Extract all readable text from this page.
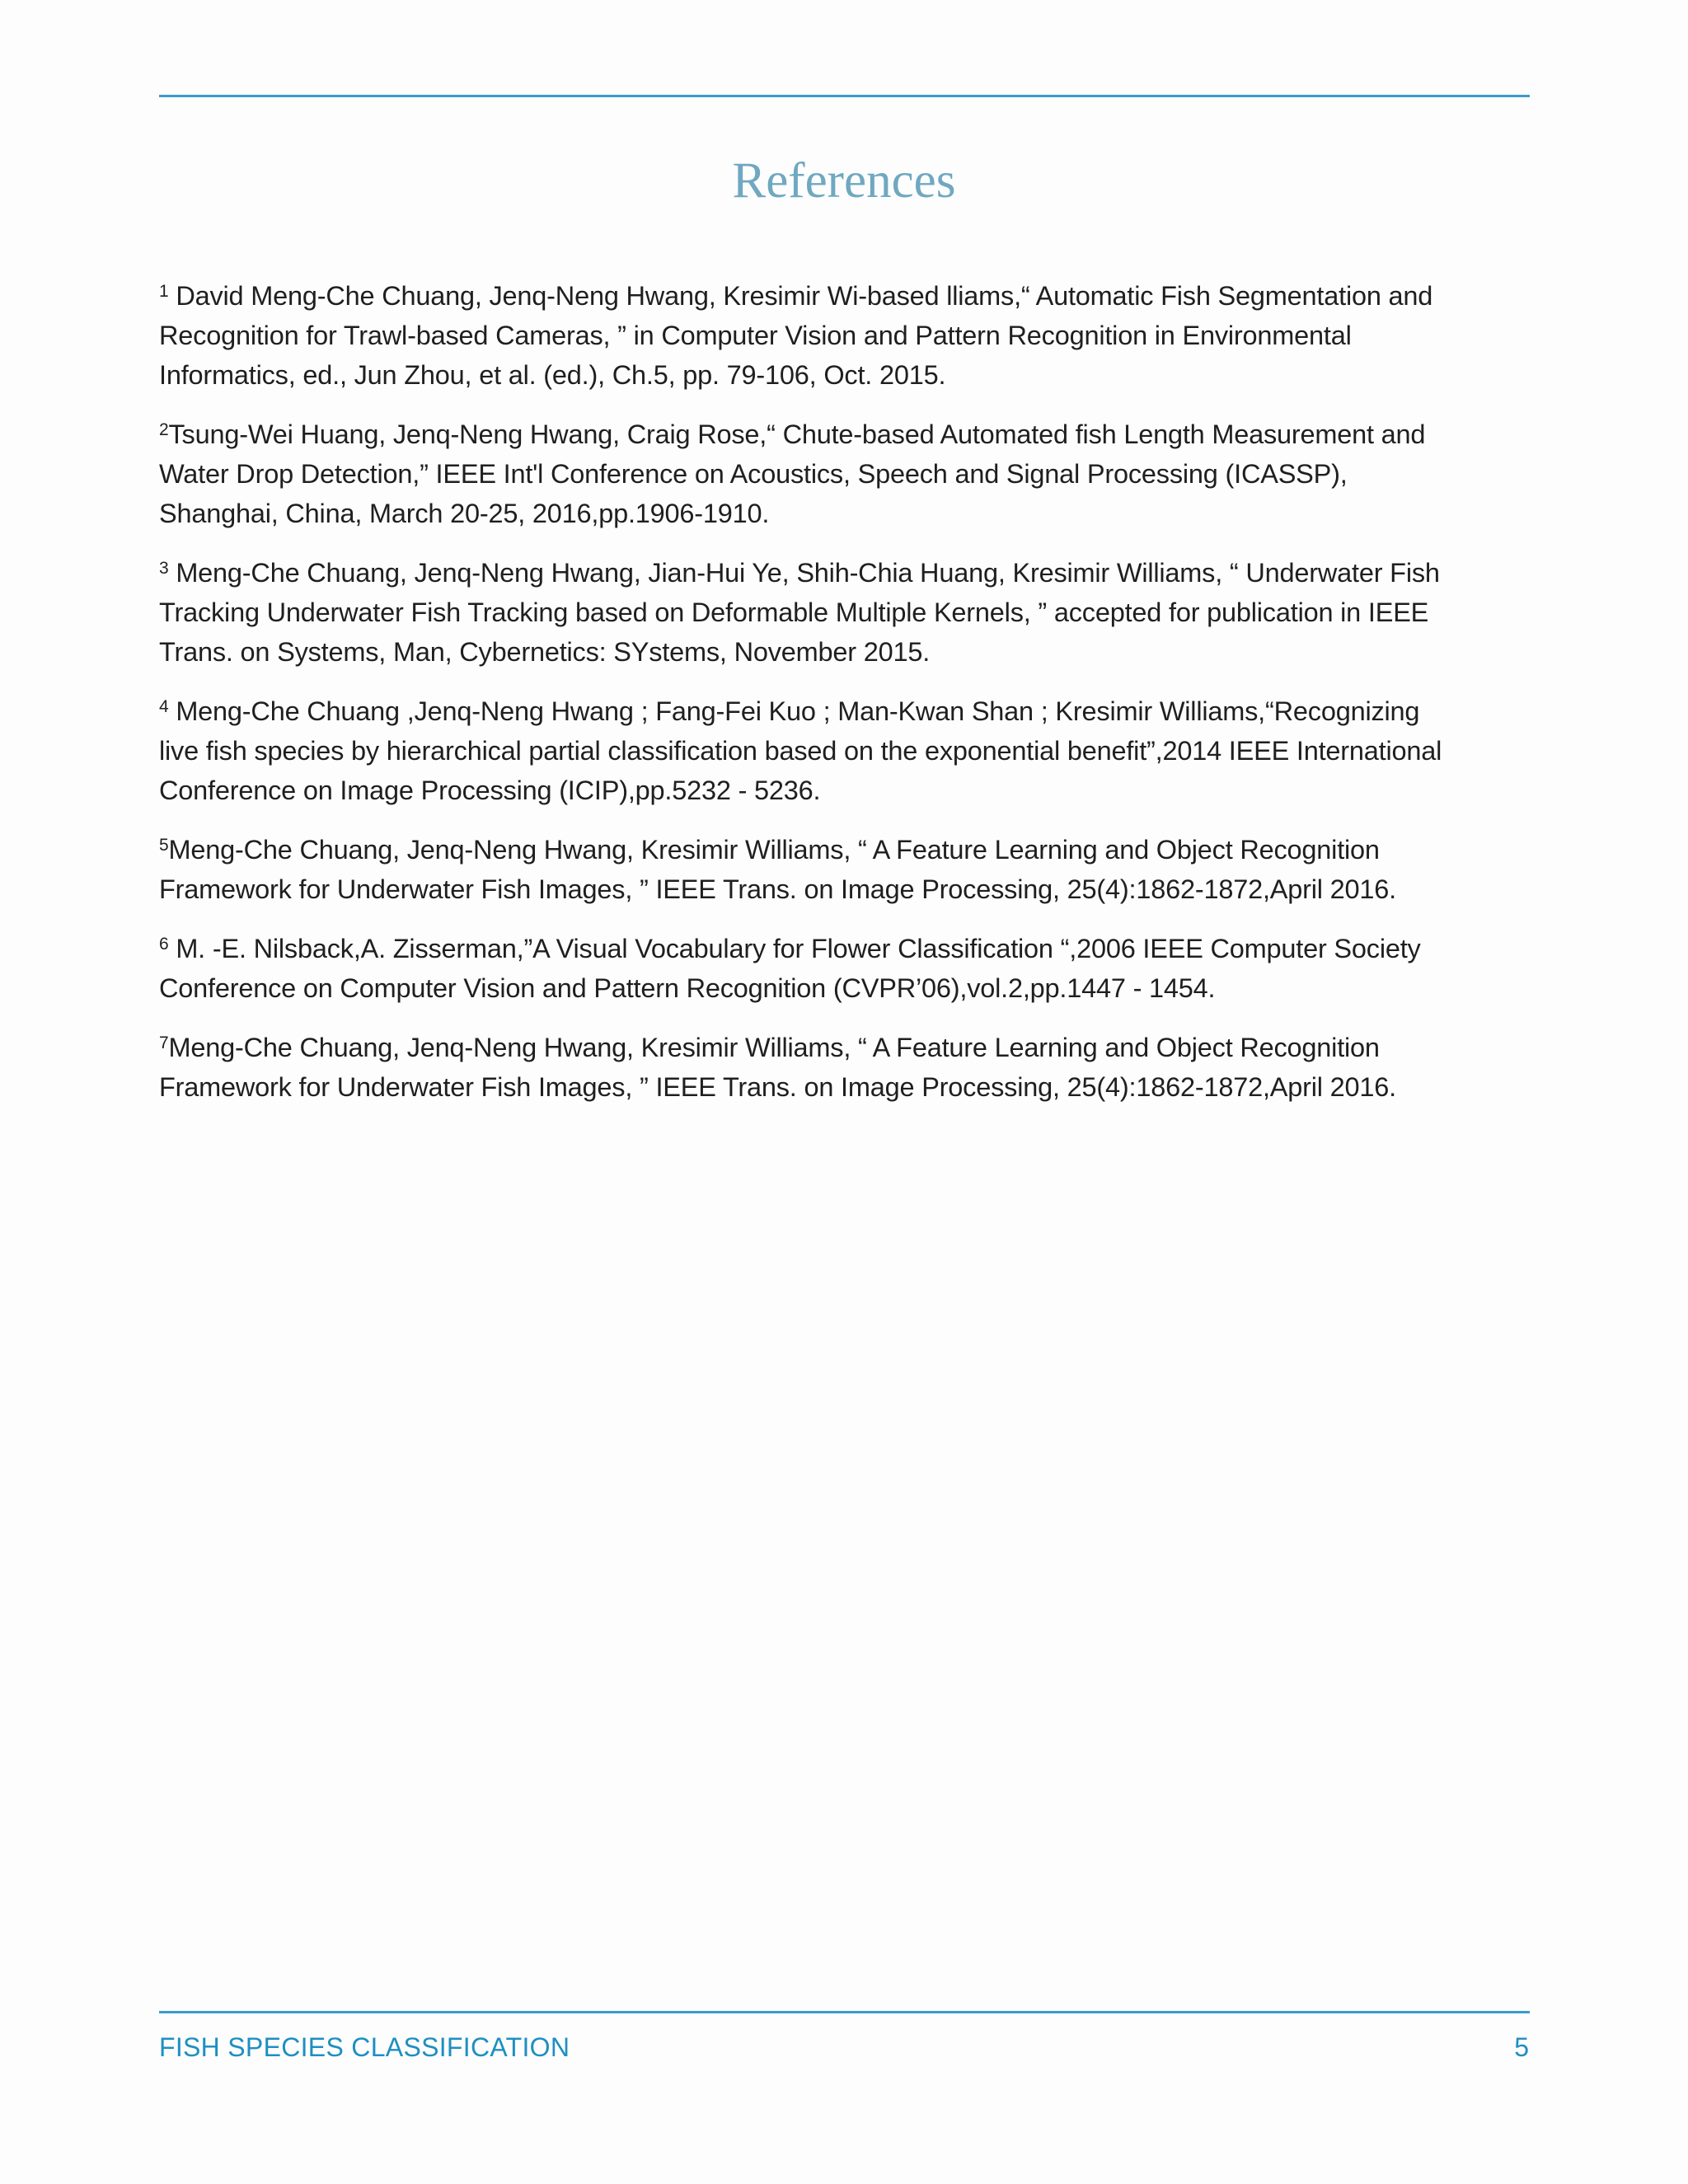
References
$^1$ David Meng-Che Chuang, Jenq-Neng Hwang, Kresimir Wi-based lliams,“ Automatic Fish Segmentation and
Recognition for Trawl-based Cameras, ” in Computer Vision and Pattern Recognition in Environmental
Informatics, ed., Jun Zhou, et al. (ed.), Ch.5, pp. 79-106, Oct. 2015.
$^2$Tsung-Wei Huang, Jenq-Neng Hwang, Craig Rose,“ Chute-based Automated fish Length Measurement and
Water Drop Detection,” IEEE Int'l Conference on Acoustics, Speech and Signal Processing (ICASSP),
Shanghai, China, March 20-25, 2016,pp.1906-1910.
$^3$ Meng-Che Chuang, Jenq-Neng Hwang, Jian-Hui Ye, Shih-Chia Huang, Kresimir Williams, “ Underwater Fish
Tracking Underwater Fish Tracking based on Deformable Multiple Kernels, ” accepted for publication in IEEE
Trans. on Systems, Man, Cybernetics: SYstems, November 2015.
$^4$ Meng-Che Chuang ,Jenq-Neng Hwang ; Fang-Fei Kuo ; Man-Kwan Shan ; Kresimir Williams,“Recognizing
live fish species by hierarchical partial classification based on the exponential benefit”,2014 IEEE International
Conference on Image Processing (ICIP),pp.5232 - 5236.
$^5$Meng-Che Chuang, Jenq-Neng Hwang, Kresimir Williams, “ A Feature Learning and Object Recognition
Framework for Underwater Fish Images, ” IEEE Trans. on Image Processing, 25(4):1862-1872,April 2016.
$^6$ M. -E. Nilsback,A. Zisserman,”A Visual Vocabulary for Flower Classification “,2006 IEEE Computer Society
Conference on Computer Vision and Pattern Recognition (CVPR’06),vol.2,pp.1447 - 1454.
$^7$Meng-Che Chuang, Jenq-Neng Hwang, Kresimir Williams, “ A Feature Learning and Object Recognition
Framework for Underwater Fish Images, ” IEEE Trans. on Image Processing, 25(4):1862-1872,April 2016.
FISH SPECIES CLASSIFICATION	5
